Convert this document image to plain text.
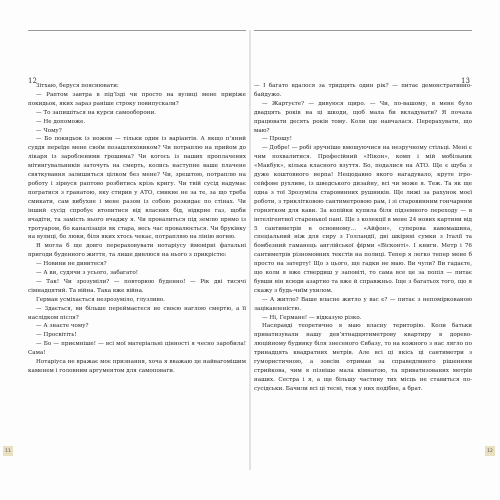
12	13

Зітхаю, беруся пояснювати:

— Раптом завтра в під’їзді чи просто на вулиці мене приріже покидьок, яких зараз раніше строку повипускали?

— То запишіться на курси самооборони.

— Не допоможе.

— Чому?

— Бо покидьок із ножем — тільки один із варіантів. А якщо п’яний суддя переїде мене своїм позашляховиком? Чи потраплю на прийом до лікаря із заробленими грошима? Чи когось із наших проплачених мітингувальників заточуть на смерть, колись наступне ваше плачене святкування залишиться цілком без мене? Чи, зрештою, потраплю на роботу і зірвуся раптово розбитись крізь кригу. Чи твій сусід надумає погратися з гранатою, яку стирив у АТО, смикне не за те, за що треба смикати, сам вибухне і мене разом із собою розкидає по стінах. Чи інший сусід спробує втопитися від власних бід, відкрие газ, щоби вчадіти, та замість нього вчаджу я. Чи провалиться під землю прямо із тротуаром, бо каналізація як стара, весь час провалюється. Чи бруківку на вулиці, бо люки, біля яких хтось чекає, потрапляю на лінію вогню.

Я могла б ще довго перераховувати нотаріусу ймовірні фатальні пригоди буденного життя, та лише дивлюся на нього з прикрістю:

— Новини не дивитеся?

— А ви, судячи з усього, забагато!

— Так! Чи зрозуміли? — повторюю буденно! — Рік дві тисячі сімнадцятий. Та війна. Така вже війна.

Герман усміхається незрозуміло, глузливо.

— Здається, ви більше переймаєтеся не своєю наглою смертю, а її наслідком після?

— А знаєте чому?

— Просвітіть!

— Бо — приємніше! — всі мої матеріальні цінності я чесно заробила! Сама!

Нотаріуса не вражає моє признання, хоча я вважаю це найвагомішим каменем і головним аргументом для самоповаги.

— І багато вдалося за тридцять один рік? — питає демонстративно-байдужо.

— Жартуєте? — дивуюся щиро. — Чи, по-вашому, в мене було двадцять років на ці шкоди, щоб мала би вкладувати? Я почала працювати десять років тому. Коли ще навчалася. Перерахувати, що маю?

— Прошу!

— Добре! — робі зручніше вмощуючися на незручному стільці. Мені є чим похвалитися. Професійний «Нікон», комп і мій мобільник «Макбук», кілька класного взуття. Бо, подалися на АТО. Ще є шуба з дуже коштовного нерпа! Нещодавно якого нагадувало, круте ігро-сейфове рухливе, із шведського дизайну, всі чи може я. Теж. Та як ще одна з тої Зрозуміла старовинних рушників. Ще лижі за рахунок моєї роботи, з триклітковою сантиметровою рам, і зі старовинним гончарним горнятком для кави. За копійки купила біля підземного переходу — в інтелігентної старенької пані. Ще з колекції в мене 24 нових картини від 5 сантиметрів в основному… «Айфон», суперова кавомашина, спеціальний ніж для сиру з Голландії, дві шкіряні сумки з Італії та бомбезний гаманець англійської фірми «Вісконті». І книги. Метр і 76 сантиметрів різномовних текстів на полиці. Тепер я легко тепер мене б просто на затерту! Що з цього, ще гадки не маю. Ви чули? Ви гадаєте, що коли я вже ствердиш у заповіті, то сама все це за попіл — питає бувши він всюди азартно та вже й справжньо. Іще з багатьох того, що я скажу з будь-чиїм ухилом.

— А житло? Ваше власне житло у вас є? — питає з непоміркованою зацікавленістю.

— Ні, Германе! — відказую різко.

Насправді теоретично я маю власну територію. Коли батьки приватизували нашу дев’ятнадцятиметрову квартиру в дореволюційному будинку біля знесеного Євбазу, то на кожного з нас лягло по тринадцять квадратних метрів. Але всі ці якісь ці сантиметри з гумористичною, а зовсім отримав за справедливого рішенням стрийкова, чим я пізніше мала кімнатою, та приватизованих метрів наших. Сестра і я, а ще більшу частину тих місць не ставиться по-сусідськи. Бачили всі ці тесні, теж у них подібне, а брат.

11	12
